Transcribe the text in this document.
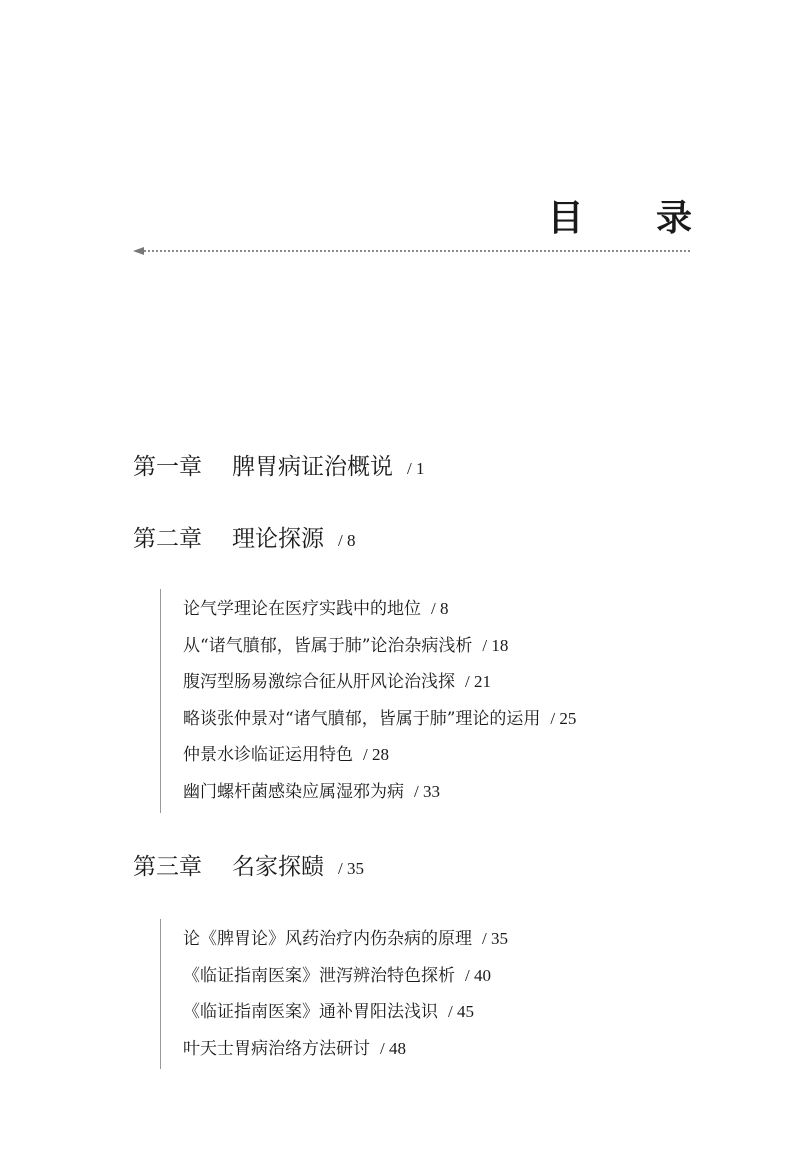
目 录
第一章 脾胃病证治概说 / 1
第二章 理论探源 / 8
论气学理论在医疗实践中的地位 / 8
从“诸气膹郁，皆属于肺”论治杂病浅析 / 18
腹泻型肠易激综合征从肝风论治浅探 / 21
略谈张仲景对“诸气膹郁，皆属于肺”理论的运用 / 25
仲景水诊临证运用特色 / 28
幽门螺杆菌感染应属湿邪为病 / 33
第三章 名家探赜 / 35
论《脾胃论》风药治疗内伤杂病的原理 / 35
《临证指南医案》泄泻辨治特色探析 / 40
《临证指南医案》通补胃阳法浅识 / 45
叶天士胃病治络方法研讨 / 48
